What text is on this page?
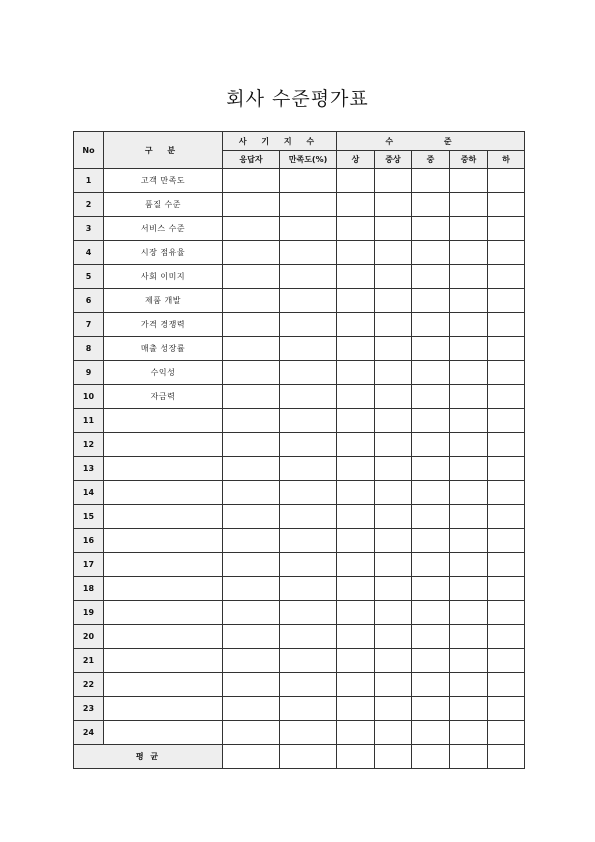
회사 수준평가표
No	구 분	사 기 지 수		수 준				
		응답자	만족도(%)	상	중상	중	중하	하
1	고객 만족도							
2	품질 수준							
3	서비스 수준							
4	시장 점유율							
5	사회 이미지							
6	제품 개발							
7	가격 경쟁력							
8	매출 성장률							
9	수익성							
10	자금력							
11								
12								
13								
14								
15								
16								
17								
18								
19								
20								
21								
22								
23								
24								
평 균								
